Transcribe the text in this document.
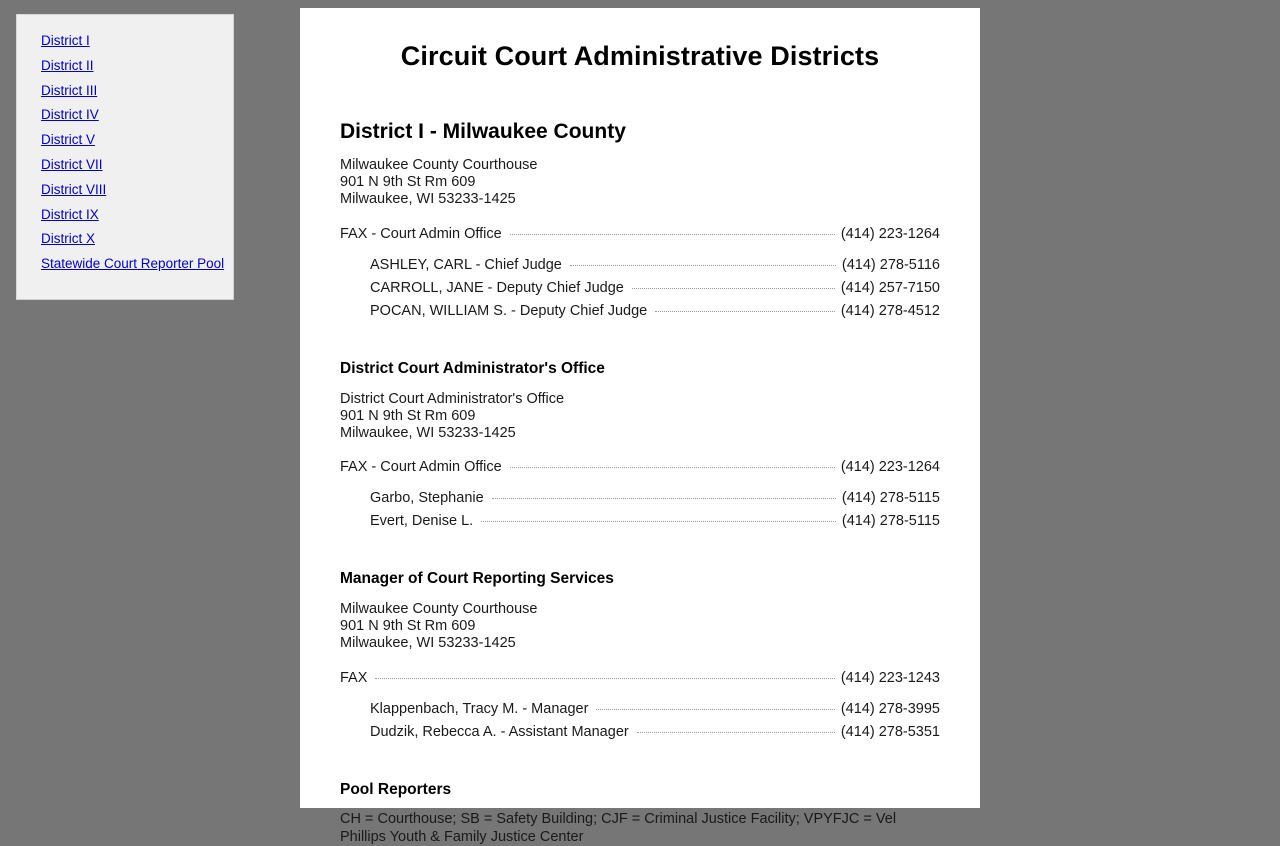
District I
District II
District III
District IV
District V
District VII
District VIII
District IX
District X
Statewide Court Reporter Pool
Circuit Court Administrative Districts
District I - Milwaukee County
Milwaukee County Courthouse
901 N 9th St Rm 609
Milwaukee, WI 53233-1425
FAX - Court Admin Office	(414) 223-1264
ASHLEY, CARL - Chief Judge	(414) 278-5116
CARROLL, JANE - Deputy Chief Judge	(414) 257-7150
POCAN, WILLIAM S. - Deputy Chief Judge	(414) 278-4512
District Court Administrator's Office
District Court Administrator's Office
901 N 9th St Rm 609
Milwaukee, WI 53233-1425
FAX - Court Admin Office	(414) 223-1264
Garbo, Stephanie	(414) 278-5115
Evert, Denise L.	(414) 278-5115
Manager of Court Reporting Services
Milwaukee County Courthouse
901 N 9th St Rm 609
Milwaukee, WI 53233-1425
FAX	(414) 223-1243
Klappenbach, Tracy M. - Manager	(414) 278-3995
Dudzik, Rebecca A. - Assistant Manager	(414) 278-5351
Pool Reporters
CH = Courthouse; SB = Safety Building; CJF = Criminal Justice Facility; VPYFJC = Vel Phillips Youth & Family Justice Center
